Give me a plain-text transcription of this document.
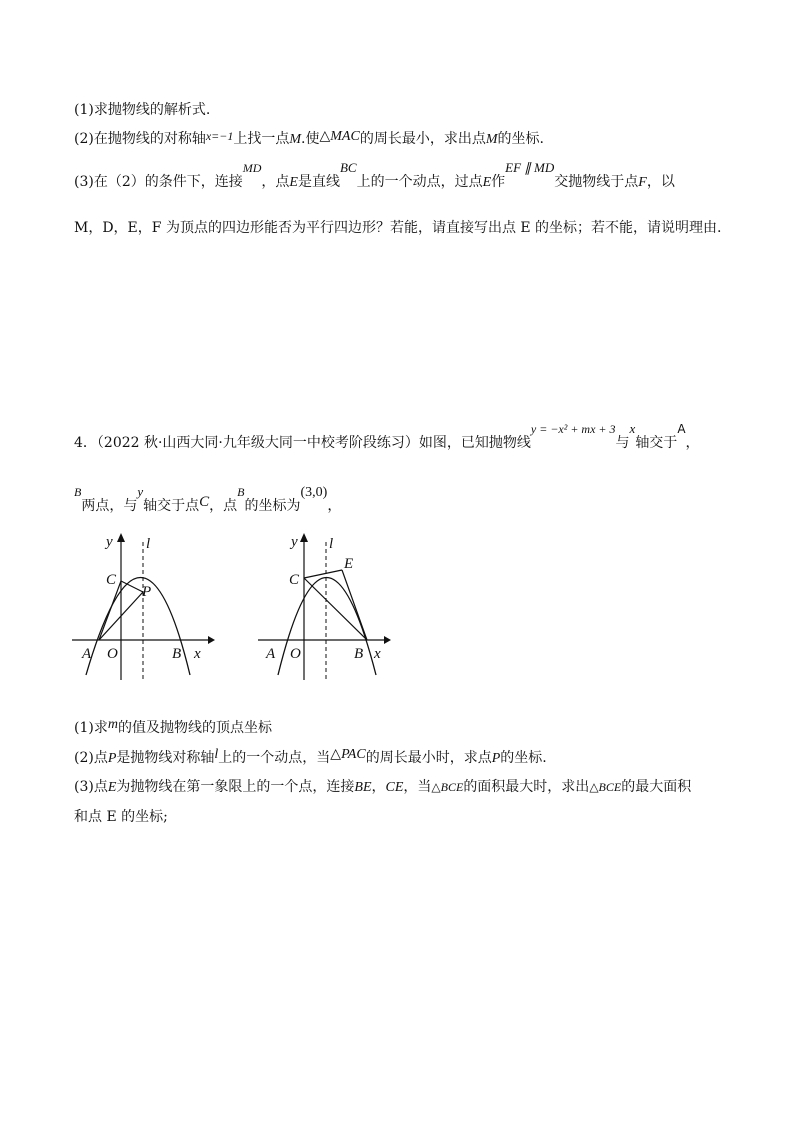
(1)求抛物线的解析式.
(2)在抛物线的对称轴x=−1上找一点M.使△MAC的周长最小，求出点M的坐标.
(3)在（2）的条件下，连接MD，点E是直线BC上的一个动点，过点E作EF ∥ MD交抛物线于点F，以
M，D，E，F 为顶点的四边形能否为平行四边形？若能，请直接写出点 E 的坐标；若不能，请说明理由.
4．（2022 秋·山西大同·九年级大同一中校考阶段练习）如图，已知抛物线y = −x² + mx + 3与x轴交于A，
B两点，与y轴交于点C，点B的坐标为(3,0)，
y l
C
P
A O	B x
y l
C
E
A O	B x
(1)求m的值及抛物线的顶点坐标
(2)点P是抛物线对称轴l上的一个动点，当△PAC的周长最小时，求点P的坐标.
(3)点E为抛物线在第一象限上的一个点，连接BE，CE，当△BCE的面积最大时，求出△BCE的最大面积
和点 E 的坐标;
